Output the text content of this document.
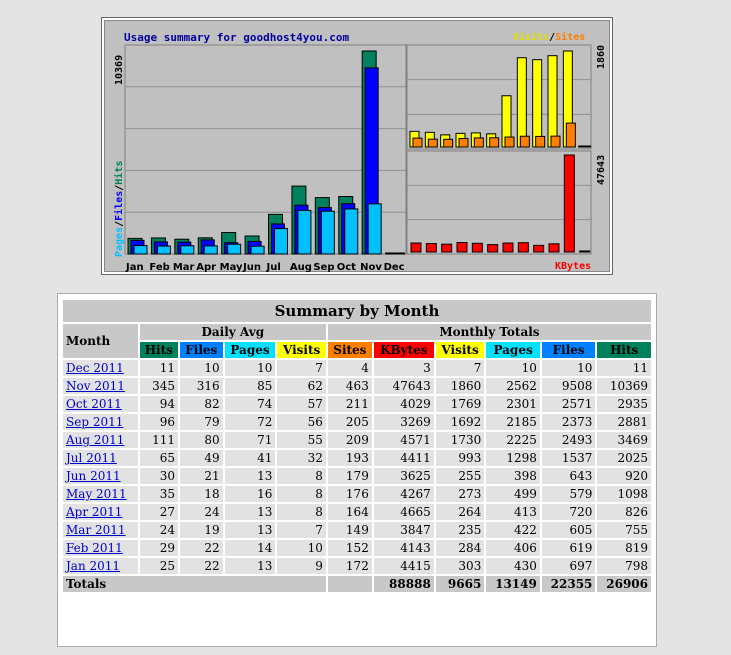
Usage summary for goodhost4you.com
10369
Pages/Files/Hits
Visits/Sites
1860
47643
KBytes
Jan Feb Mar Apr May Jun Jul Aug Sep Oct Nov Dec
Summary by Month										
Month	Daily Avg				Monthly Totals					
	Hits	Files	Pages	Visits	Sites	KBytes	Visits	Pages	Files	Hits
Dec 2011	11	10	10	7	4	3	7	10	10	11
Nov 2011	345	316	85	62	463	47643	1860	2562	9508	10369
Oct 2011	94	82	74	57	211	4029	1769	2301	2571	2935
Sep 2011	96	79	72	56	205	3269	1692	2185	2373	2881
Aug 2011	111	80	71	55	209	4571	1730	2225	2493	3469
Jul 2011	65	49	41	32	193	4411	993	1298	1537	2025
Jun 2011	30	21	13	8	179	3625	255	398	643	920
May 2011	35	18	16	8	176	4267	273	499	579	1098
Apr 2011	27	24	13	8	164	4665	264	413	720	826
Mar 2011	24	19	13	7	149	3847	235	422	605	755
Feb 2011	29	22	14	10	152	4143	284	406	619	819
Jan 2011	25	22	13	9	172	4415	303	430	697	798
Totals						88888	9665	13149	22355	26906
